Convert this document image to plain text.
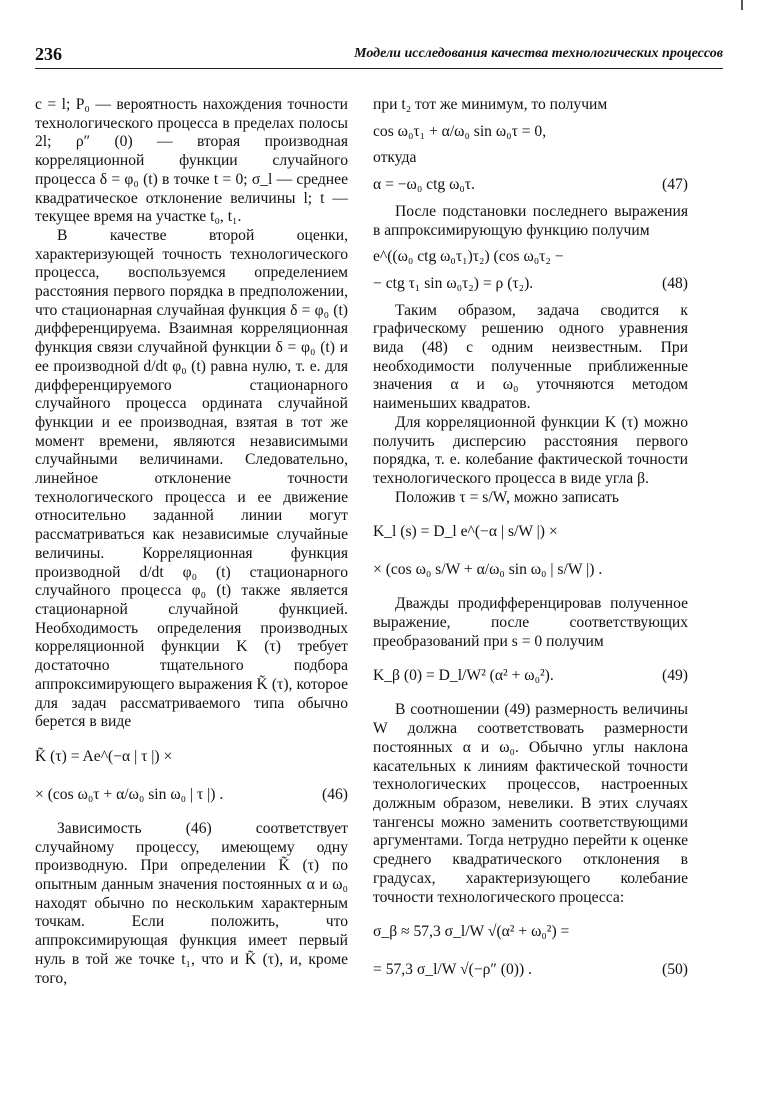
236	Модели исследования качества технологических процессов

c = l; P₀ — вероятность нахождения точности технологического процесса в пределах полосы 2l; ρ″ (0) — вторая производная корреляционной функции случайного процесса δ = φ₀ (t) в точке t = 0; σ_l — среднее квадратическое отклонение величины l; t — текущее время на участке t₀, t₁.

В качестве второй оценки, характеризующей точность технологического процесса, воспользуемся определением расстояния первого порядка в предположении, что стационарная случайная функция δ = φ₀ (t) дифференцируема. Взаимная корреляционная функция связи случайной функции δ = φ₀ (t) и ее производной d/dt φ₀ (t) равна нулю, т. е. для дифференцируемого стационарного случайного процесса ордината случайной функции и ее производная, взятая в тот же момент времени, являются независимыми случайными величинами. Следовательно, линейное отклонение точности технологического процесса и ее движение относительно заданной линии могут рассматриваться как независимые случайные величины. Корреляционная функция производной d/dt φ₀ (t) стационарного случайного процесса φ₀ (t) также является стационарной случайной функцией. Необходимость определения производных корреляционной функции K (τ) требует достаточно тщательного подбора аппроксимирующего выражения K̃ (τ), которое для задач рассматриваемого типа обычно берется в виде

K̃ (τ) = Ae^(−α | τ |) ×
× (cos ω₀τ + α/ω₀ sin ω₀ | τ |) .	(46)

Зависимость (46) соответствует случайному процессу, имеющему одну производную. При определении K̃ (τ) по опытным данным значения постоянных α и ω₀ находят обычно по нескольким характерным точкам. Если положить, что аппроксимирующая функция имеет первый нуль в той же точке t₁, что и K̃ (τ), и, кроме того,

при t₂ тот же минимум, то получим

cos ω₀τ₁ + α/ω₀ sin ω₀τ = 0,

откуда

α = −ω₀ ctg ω₀τ.	(47)

После подстановки последнего выражения в аппроксимирующую функцию получим

e^((ω₀ ctg ω₀τ₁)τ₂) (cos ω₀τ₂ −
− ctg τ₁ sin ω₀τ₂) = ρ (τ₂).	(48)

Таким образом, задача сводится к графическому решению одного уравнения вида (48) с одним неизвестным. При необходимости полученные приближенные значения α и ω₀ уточняются методом наименьших квадратов.

Для корреляционной функции K (τ) можно получить дисперсию расстояния первого порядка, т. е. колебание фактической точности технологического процесса в виде угла β.

Положив τ = s/W, можно записать

K_l (s) = D_l e^(−α | s/W |) ×
× (cos ω₀ s/W + α/ω₀ sin ω₀ | s/W |) .

Дважды продифференцировав полученное выражение, после соответствующих преобразований при s = 0 получим

K_β (0) = D_l/W² (α² + ω₀²).	(49)

В соотношении (49) размерность величины W должна соответствовать размерности постоянных α и ω₀. Обычно углы наклона касательных к линиям фактической точности технологических процессов, настроенных должным образом, невелики. В этих случаях тангенсы можно заменить соответствующими аргументами. Тогда нетрудно перейти к оценке среднего квадратического отклонения в градусах, характеризующего колебание точности технологического процесса:

σ_β ≈ 57,3 σ_l/W √(α² + ω₀²) =
= 57,3 σ_l/W √(−ρ″ (0)) .	(50)
